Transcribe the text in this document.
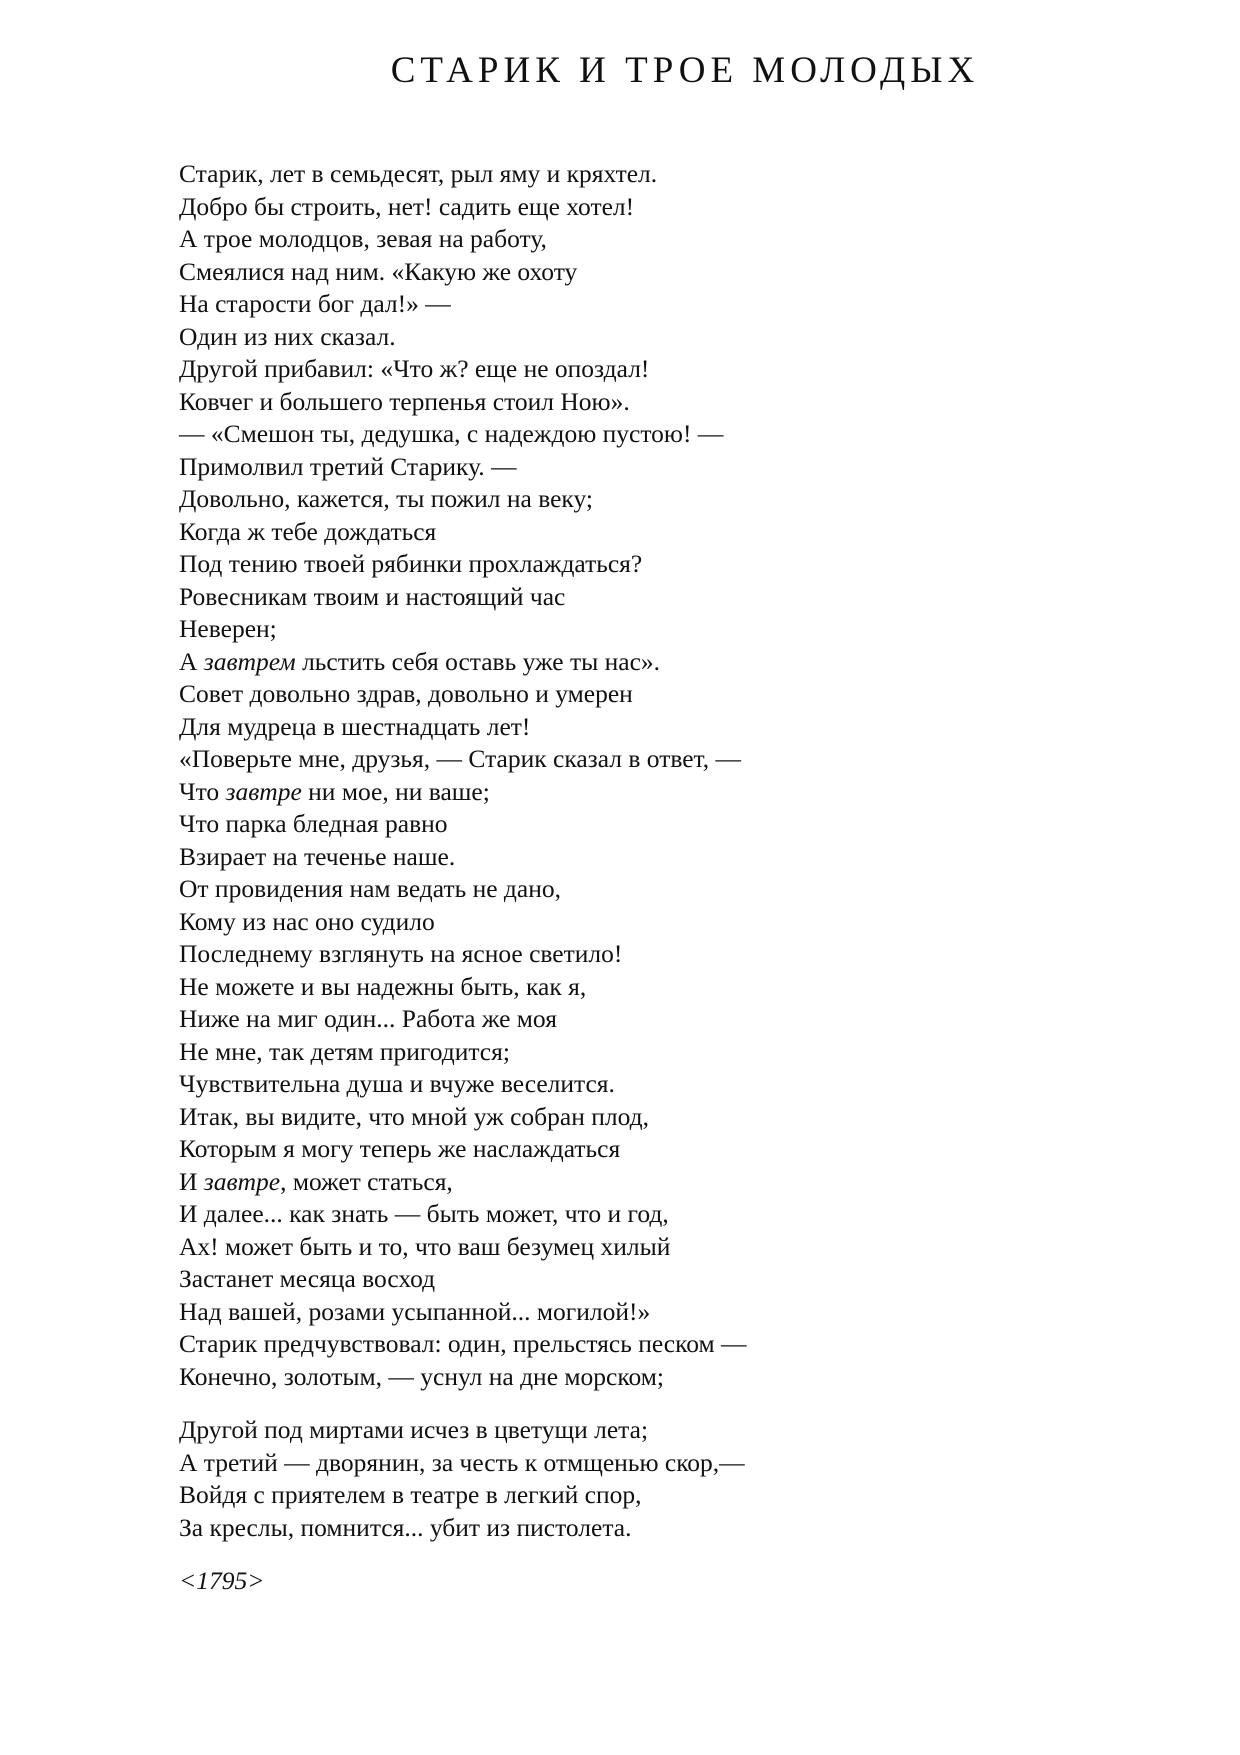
СТАРИК И ТРОЕ МОЛОДЫХ
Старик, лет в семьдесят, рыл яму и кряхтел.
Добро бы строить, нет! садить еще хотел!
А трое молодцов, зевая на работу,
Смеялися над ним. «Какую же охоту
На старости бог дал!» —
Один из них сказал.
Другой прибавил: «Что ж? еще не опоздал!
Ковчег и большего терпенья стоил Ною».
— «Смешон ты, дедушка, с надеждою пустою! —
Примолвил третий Старику. —
Довольно, кажется, ты пожил на веку;
Когда ж тебе дождаться
Под тению твоей рябинки прохлаждаться?
Ровесникам твоим и настоящий час
Неверен;
А завтрем льстить себя оставь уже ты нас».
Совет довольно здрав, довольно и умерен
Для мудреца в шестнадцать лет!
«Поверьте мне, друзья, — Старик сказал в ответ, —
Что завтре ни мое, ни ваше;
Что парка бледная равно
Взирает на теченье наше.
От провидения нам ведать не дано,
Кому из нас оно судило
Последнему взглянуть на ясное светило!
Не можете и вы надежны быть, как я,
Ниже на миг один... Работа же моя
Не мне, так детям пригодится;
Чувствительна душа и вчуже веселится.
Итак, вы видите, что мной уж собран плод,
Которым я могу теперь же наслаждаться
И завтре, может статься,
И далее... как знать — быть может, что и год,
Ах! может быть и то, что ваш безумец хилый
Застанет месяца восход
Над вашей, розами усыпанной... могилой!»
Старик предчувствовал: один, прельстясь песком —
Конечно, золотым, — уснул на дне морском;
Другой под миртами исчез в цветущи лета;
А третий — дворянин, за честь к отмщенью скор,—
Войдя с приятелем в театре в легкий спор,
За креслы, помнится... убит из пистолета.
<1795>
